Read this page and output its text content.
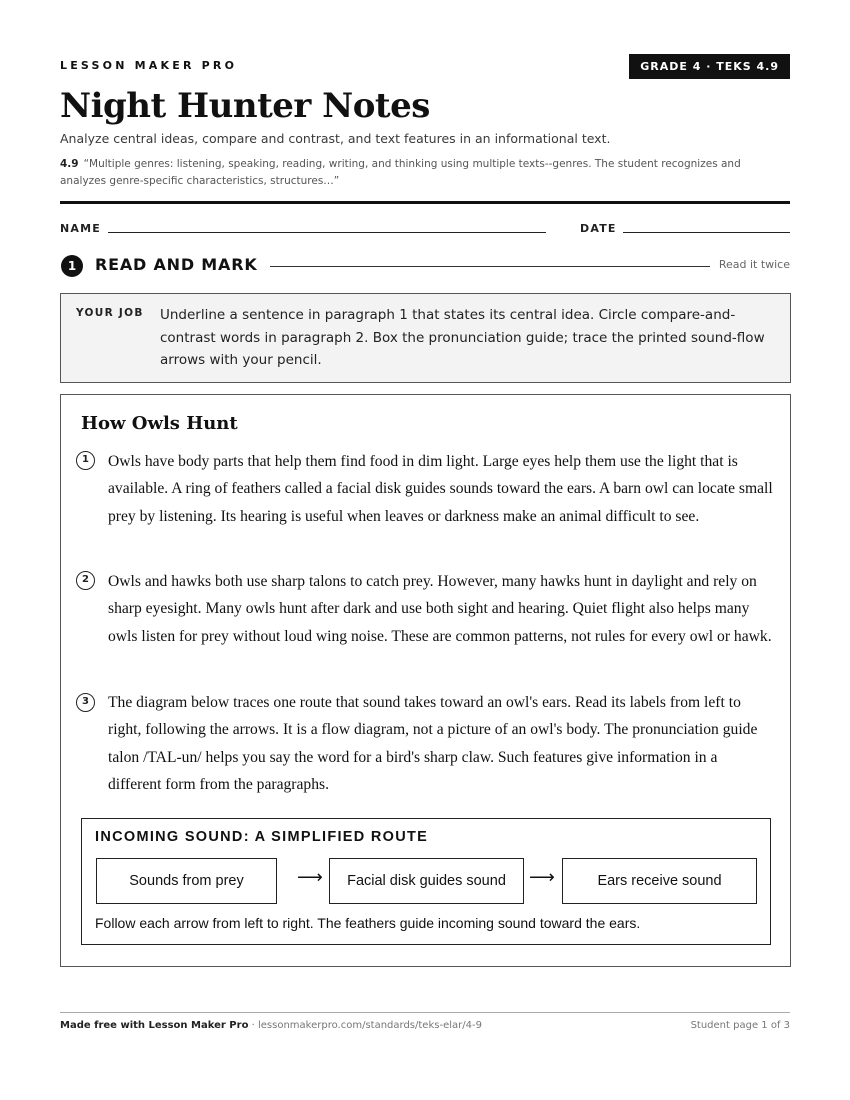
LESSON MAKER PRO	GRADE 4 · TEKS 4.9
Night Hunter Notes
Analyze central ideas, compare and contrast, and text features in an informational text.
4.9 “Multiple genres: listening, speaking, reading, writing, and thinking using multiple texts--genres. The student recognizes and analyzes genre-specific characteristics, structures…”
NAME	DATE
1	READ AND MARK	Read it twice
YOUR JOB Underline a sentence in paragraph 1 that states its central idea. Circle compare-and-contrast words in paragraph 2. Box the pronunciation guide; trace the printed sound-flow arrows with your pencil.
How Owls Hunt
1	Owls have body parts that help them find food in dim light. Large eyes help them use the light that is available. A ring of feathers called a facial disk guides sounds toward the ears. A barn owl can locate small prey by listening. Its hearing is useful when leaves or darkness make an animal difficult to see.

2	Owls and hawks both use sharp talons to catch prey. However, many hawks hunt in daylight and rely on sharp eyesight. Many owls hunt after dark and use both sight and hearing. Quiet flight also helps many owls listen for prey without loud wing noise. These are common patterns, not rules for every owl or hawk.

3	The diagram below traces one route that sound takes toward an owl's ears. Read its labels from left to right, following the arrows. It is a flow diagram, not a picture of an owl's body. The pronunciation guide talon /TAL-un/ helps you say the word for a bird's sharp claw. Such features give information in a different form from the paragraphs.

INCOMING SOUND: A SIMPLIFIED ROUTE
Sounds from prey	⟶	Facial disk guides sound	⟶	Ears receive sound
Follow each arrow from left to right. The feathers guide incoming sound toward the ears.
Made free with Lesson Maker Pro · lessonmakerpro.com/standards/teks-elar/4-9	Student page 1 of 3
